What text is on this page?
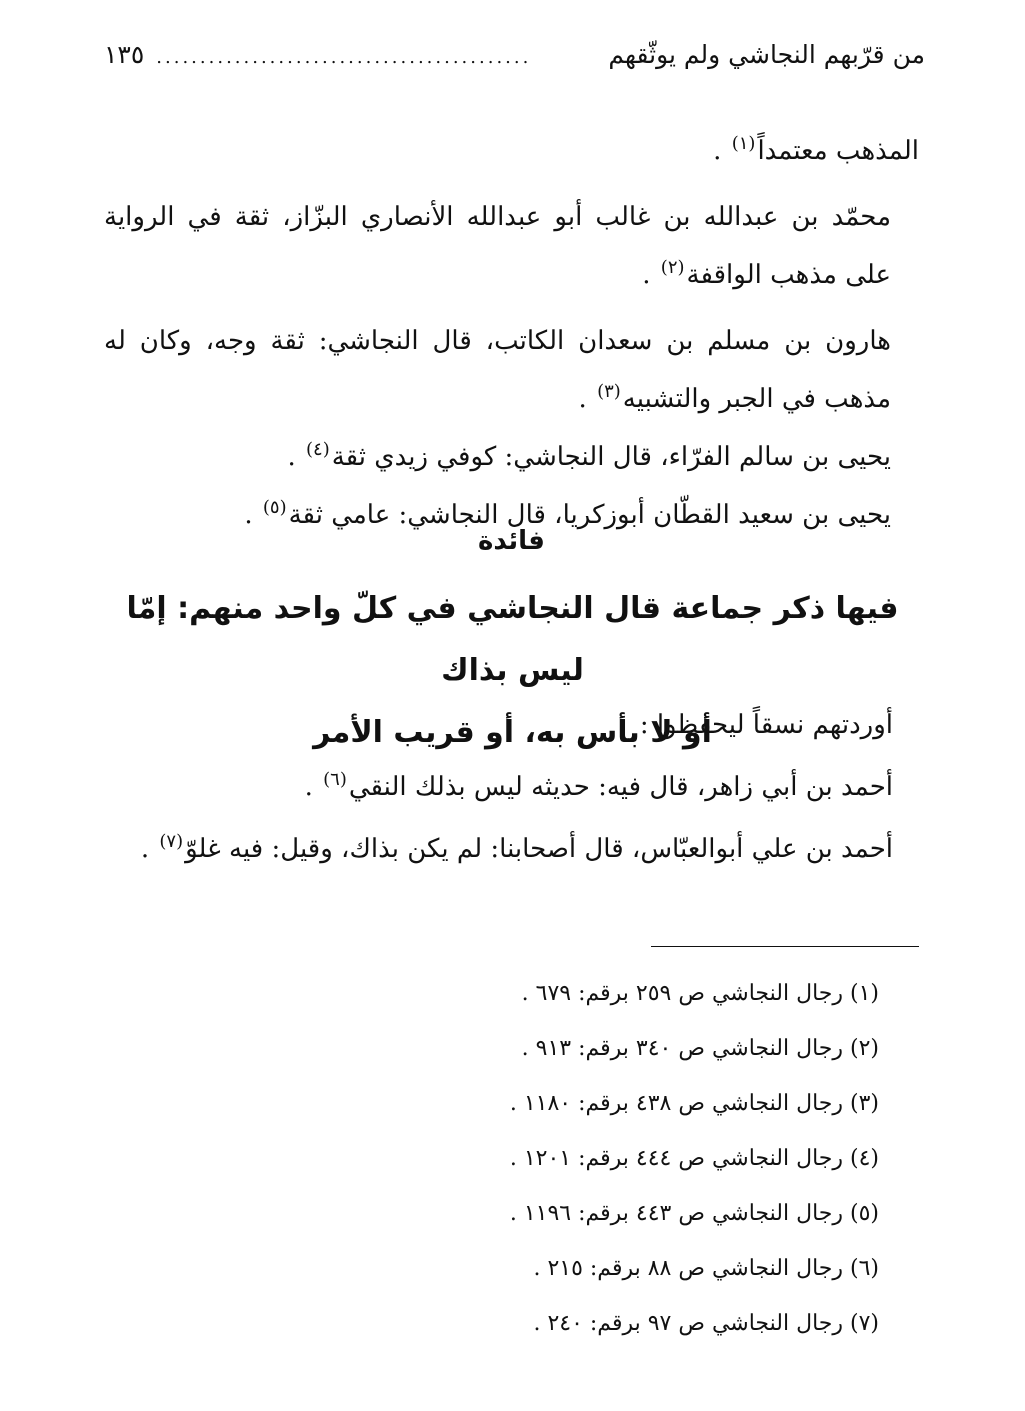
من قرّبهم النجاشي ولم يوثّقهم
...........................................
١٣٥

المذهب معتمداً$^{(١)}$ .

محمّد بن عبدالله بن غالب أبو عبدالله الأنصاري البزّاز، ثقة في الرواية على مذهب الواقفة$^{(٢)}$ .

هارون بن مسلم بن سعدان الكاتب، قال النجاشي: ثقة وجه، وكان له مذهب في الجبر والتشبيه$^{(٣)}$ .

يحيى بن سالم الفرّاء، قال النجاشي: كوفي زيدي ثقة$^{(٤)}$ .

يحيى بن سعيد القطّان أبوزكريا، قال النجاشي: عامي ثقة$^{(٥)}$ .

فائدة
فيها ذكر جماعة قال النجاشي في كلّ واحد منهم: إمّا ليس بذاك
أو لا بأس به، أو قريب الأمر

أوردتهم نسقاً ليحفظوا :

أحمد بن أبي زاهر، قال فيه: حديثه ليس بذلك النقي$^{(٦)}$ .

أحمد بن علي أبوالعبّاس، قال أصحابنا: لم يكن بذاك، وقيل: فيه غلوّ$^{(٧)}$ .

(١) رجال النجاشي ص ٢٥٩ برقم: ٦٧٩ .

(٢) رجال النجاشي ص ٣٤٠ برقم: ٩١٣ .

(٣) رجال النجاشي ص ٤٣٨ برقم: ١١٨٠ .

(٤) رجال النجاشي ص ٤٤٤ برقم: ١٢٠١ .

(٥) رجال النجاشي ص ٤٤٣ برقم: ١١٩٦ .

(٦) رجال النجاشي ص ٨٨ برقم: ٢١٥ .

(٧) رجال النجاشي ص ٩٧ برقم: ٢٤٠ .
